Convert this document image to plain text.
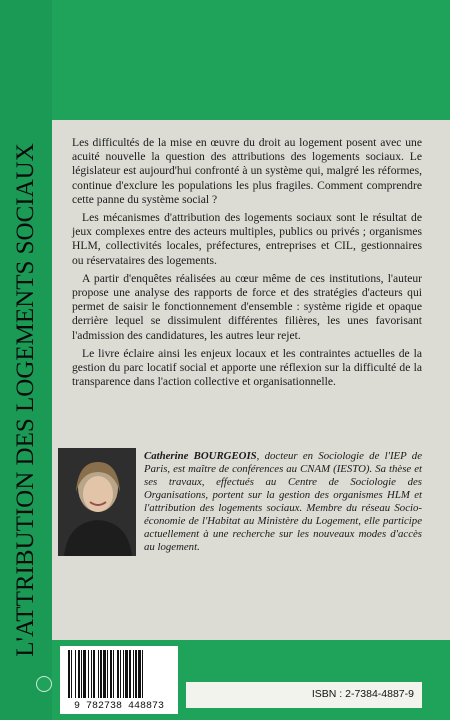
L'ATTRIBUTION DES LOGEMENTS SOCIAUX

Les difficultés de la mise en œuvre du droit au logement posent avec une acuité nouvelle la question des attributions des logements sociaux. Le législateur est aujourd'hui confronté à un système qui, malgré les réformes, continue d'exclure les populations les plus fragiles. Comment comprendre cette panne du système social ?

Les mécanismes d'attribution des logements sociaux sont le résultat de jeux complexes entre des acteurs multiples, publics ou privés ; organismes HLM, collectivités locales, préfectures, entreprises et CIL, gestionnaires ou réservataires des logements.

A partir d'enquêtes réalisées au cœur même de ces institutions, l'auteur propose une analyse des rapports de force et des stratégies d'acteurs qui permet de saisir le fonctionnement d'ensemble : système rigide et opaque derrière lequel se dissimulent différentes filières, les unes favorisant l'admission des candidatures, les autres leur rejet.

Le livre éclaire ainsi les enjeux locaux et les contraintes actuelles de la gestion du parc locatif social et apporte une réflexion sur la difficulté de la transparence dans l'action collective et organisationnelle.

Catherine BOURGEOIS, docteur en Sociologie de l'IEP de Paris, est maître de conférences au CNAM (IESTO). Sa thèse et ses travaux, effectués au Centre de Sociologie des Organisations, portent sur la gestion des organismes HLM et l'attribution des logements sociaux. Membre du réseau Socio-économie de l'Habitat au Ministère du Logement, elle participe actuellement à une recherche sur les nouveaux modes d'accès au logement.
9 782738 448873
ISBN : 2-7384-4887-9
